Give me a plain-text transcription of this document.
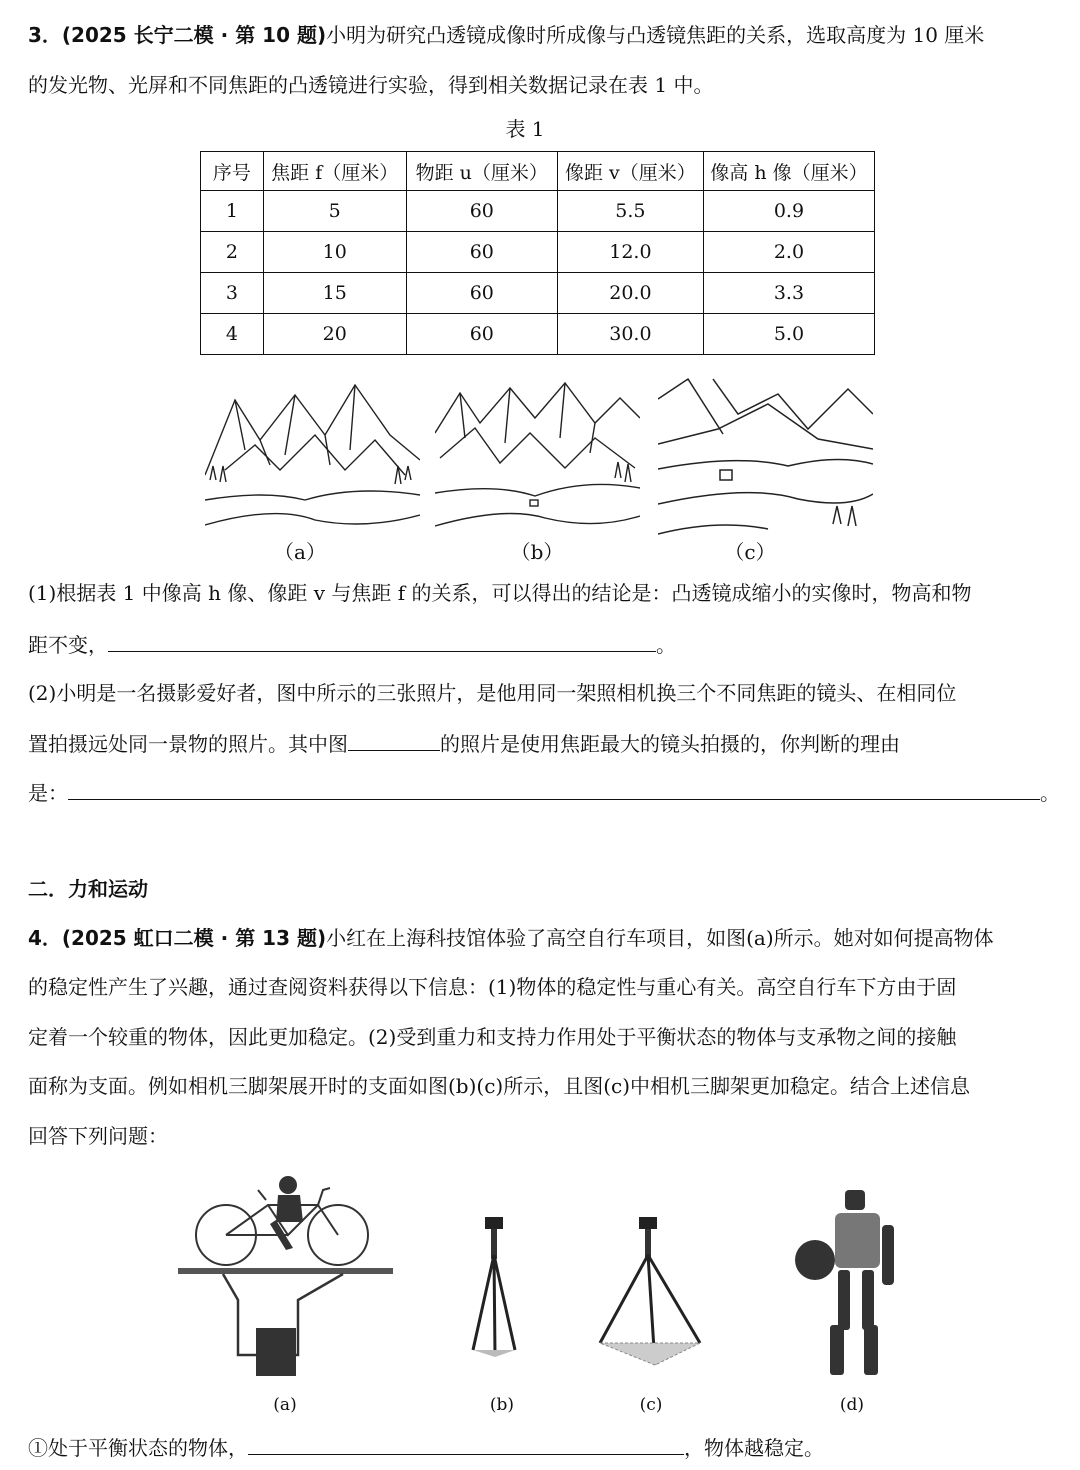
3．(2025 长宁二模 · 第 10 题)小明为研究凸透镜成像时所成像与凸透镜焦距的关系，选取高度为 10 厘米
的发光物、光屏和不同焦距的凸透镜进行实验，得到相关数据记录在表 1 中。
表 1
序号	焦距 f（厘米）	物距 u（厘米）	像距 v（厘米）	像高 h 像（厘米）
1	5	60	5.5	0.9
2	10	60	12.0	2.0
3	15	60	20.0	3.3
4	20	60	30.0	5.0
（a）	（b）	（c）
(1)根据表 1 中像高 h 像、像距 v 与焦距 f 的关系，可以得出的结论是：凸透镜成缩小的实像时，物高和物
距不变，	。
(2)小明是一名摄影爱好者，图中所示的三张照片，是他用同一架照相机换三个不同焦距的镜头、在相同位
置拍摄远处同一景物的照片。其中图	的照片是使用焦距最大的镜头拍摄的，你判断的理由
是：	。
二．力和运动
4．(2025 虹口二模 · 第 13 题)小红在上海科技馆体验了高空自行车项目，如图(a)所示。她对如何提高物体
的稳定性产生了兴趣，通过查阅资料获得以下信息：(1)物体的稳定性与重心有关。高空自行车下方由于固
定着一个较重的物体，因此更加稳定。(2)受到重力和支持力作用处于平衡状态的物体与支承物之间的接触
面称为支面。例如相机三脚架展开时的支面如图(b)(c)所示，且图(c)中相机三脚架更加稳定。结合上述信息
回答下列问题：
(a)	(b)	(c)	(d)
①处于平衡状态的物体，	，物体越稳定。
